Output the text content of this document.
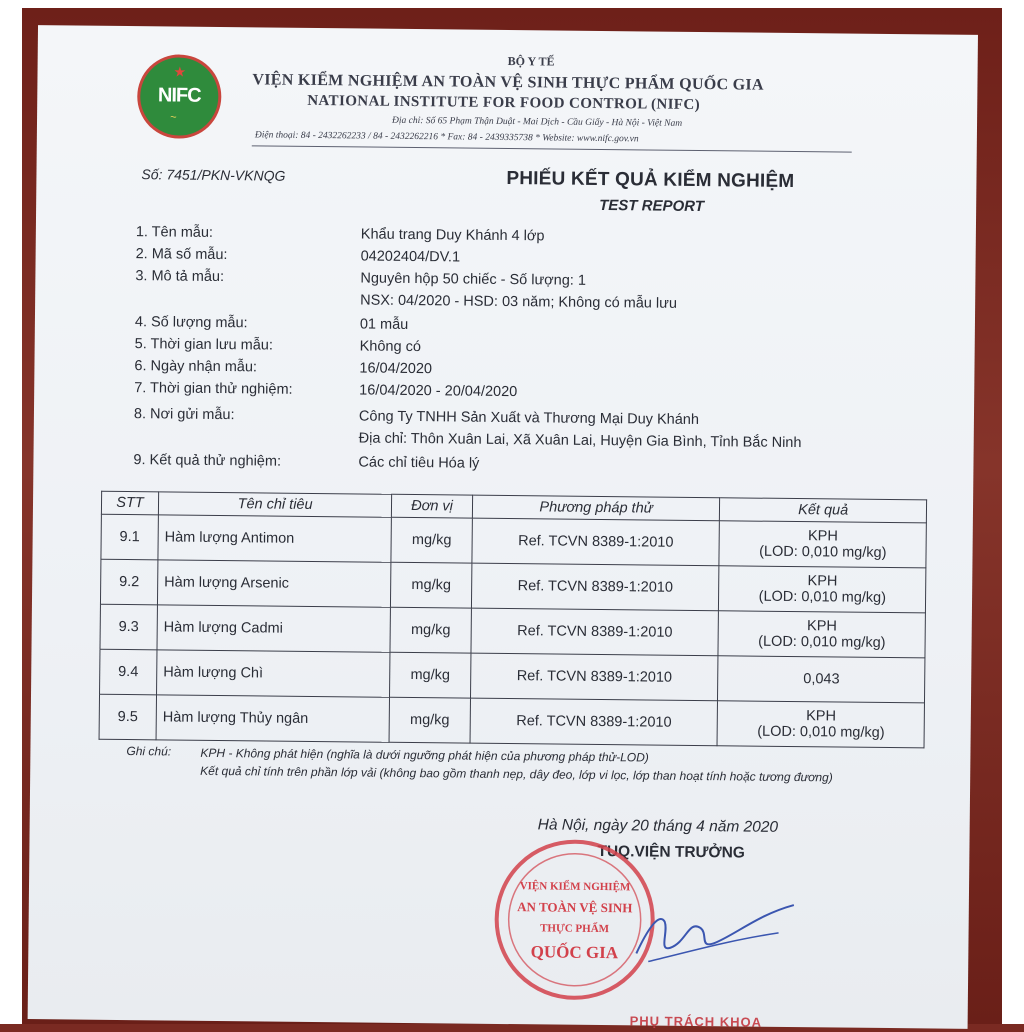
★
NIFC
~
BỘ Y TẾ
VIỆN KIỂM NGHIỆM AN TOÀN VỆ SINH THỰC PHẨM QUỐC GIA
NATIONAL INSTITUTE FOR FOOD CONTROL (NIFC)
Địa chỉ: Số 65 Phạm Thận Duật - Mai Dịch - Cầu Giấy - Hà Nội - Việt Nam
Điện thoại: 84 - 2432262233 / 84 - 2432262216 * Fax: 84 - 2439335738 * Website: www.nifc.gov.vn
Số: 7451/PKN-VKNQG	PHIẾU KẾT QUẢ KIỂM NGHIỆM
TEST REPORT
1. Tên mẫu:	Khẩu trang Duy Khánh 4 lớp
2. Mã số mẫu:	04202404/DV.1
3. Mô tả mẫu:	Nguyên hộp 50 chiếc - Số lượng: 1
NSX: 04/2020 - HSD: 03 năm; Không có mẫu lưu
4. Số lượng mẫu:	01 mẫu
5. Thời gian lưu mẫu:	Không có
6. Ngày nhận mẫu:	16/04/2020
7. Thời gian thử nghiệm:	16/04/2020 - 20/04/2020
8. Nơi gửi mẫu:	Công Ty TNHH Sản Xuất và Thương Mại Duy Khánh
Địa chỉ: Thôn Xuân Lai, Xã Xuân Lai, Huyện Gia Bình, Tỉnh Bắc Ninh
9. Kết quả thử nghiệm:	Các chỉ tiêu Hóa lý
STT	Tên chỉ tiêu	Đơn vị	Phương pháp thử	Kết quả
9.1	Hàm lượng Antimon	mg/kg	Ref. TCVN 8389-1:2010	KPH
(LOD: 0,010 mg/kg)

9.2	Hàm lượng Arsenic	mg/kg	Ref. TCVN 8389-1:2010	KPH
(LOD: 0,010 mg/kg)

9.3	Hàm lượng Cadmi	mg/kg	Ref. TCVN 8389-1:2010	KPH
(LOD: 0,010 mg/kg)

9.4	Hàm lượng Chì	mg/kg	Ref. TCVN 8389-1:2010	0,043

9.5	Hàm lượng Thủy ngân	mg/kg	Ref. TCVN 8389-1:2010	KPH
(LOD: 0,010 mg/kg)
Ghi chú: KPH - Không phát hiện (nghĩa là dưới ngưỡng phát hiện của phương pháp thử-LOD)
Kết quả chỉ tính trên phần lớp vải (không bao gồm thanh nẹp, dây đeo, lớp vi lọc, lớp than hoạt tính hoặc tương đương)
Hà Nội, ngày 20 tháng 4 năm 2020
TUQ.VIỆN TRƯỞNG
VIỆN KIỂM NGHIỆM
AN TOÀN VỆ SINH
THỰC PHẨM
QUỐC GIA
PHỤ TRÁCH KHOA
